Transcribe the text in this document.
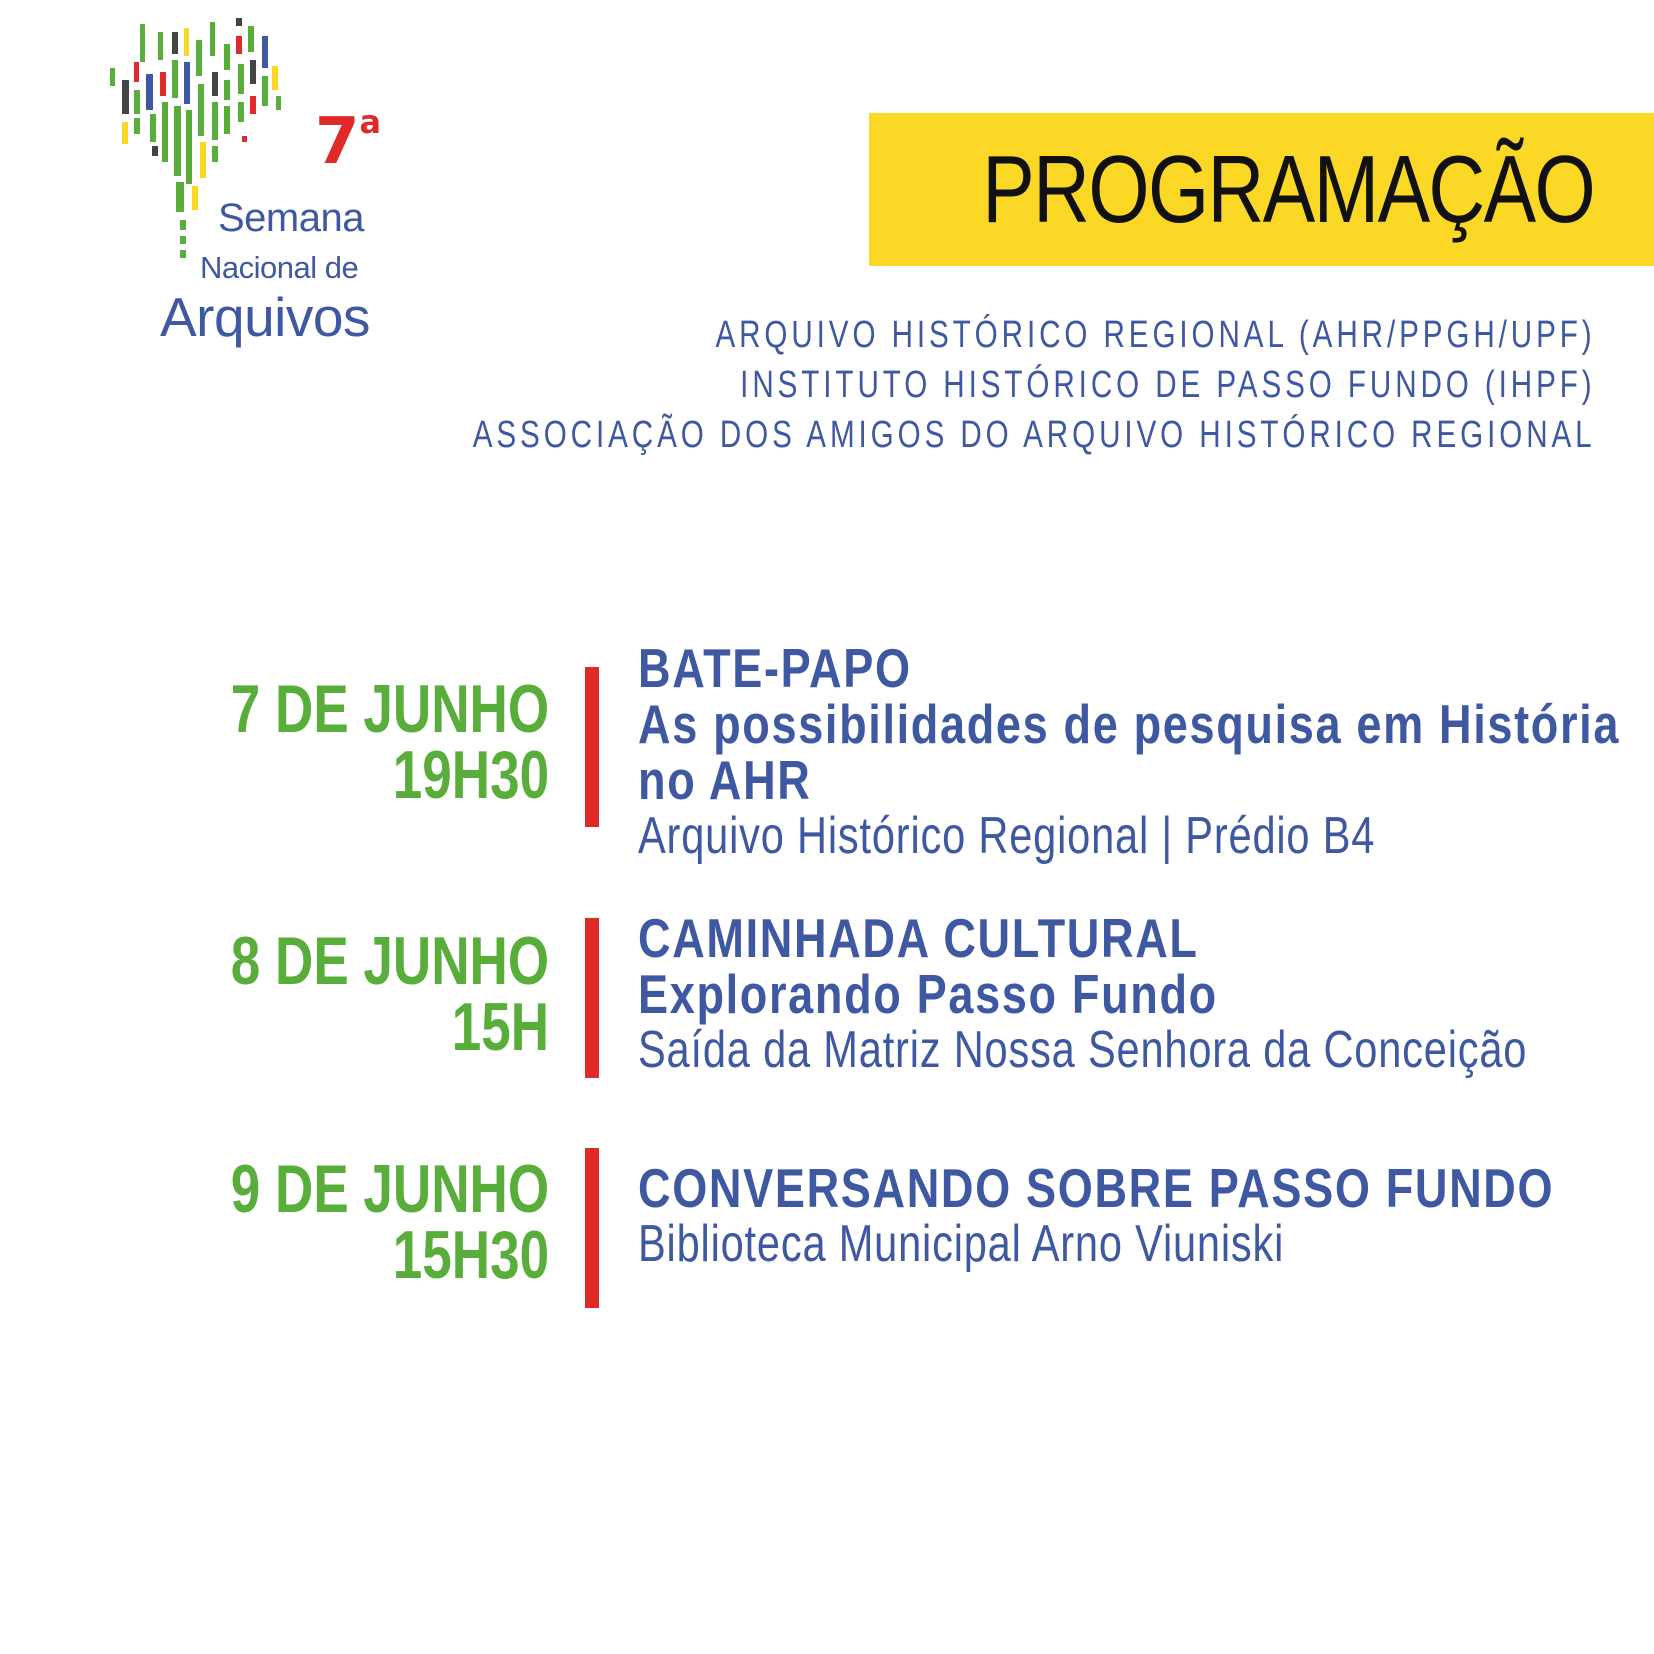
7$^a$
Semana
Nacional de
Arquivos
PROGRAMAÇÃO
ARQUIVO HISTÓRICO REGIONAL (AHR/PPGH/UPF)
INSTITUTO HISTÓRICO DE PASSO FUNDO (IHPF)
ASSOCIAÇÃO DOS AMIGOS DO ARQUIVO HISTÓRICO REGIONAL
7 DE JUNHO
19H30
BATE-PAPO
As possibilidades de pesquisa em História
no AHR
Arquivo Histórico Regional | Prédio B4
8 DE JUNHO
15H
CAMINHADA CULTURAL
Explorando Passo Fundo
Saída da Matriz Nossa Senhora da Conceição
9 DE JUNHO
15H30
CONVERSANDO SOBRE PASSO FUNDO
Biblioteca Municipal Arno Viuniski
